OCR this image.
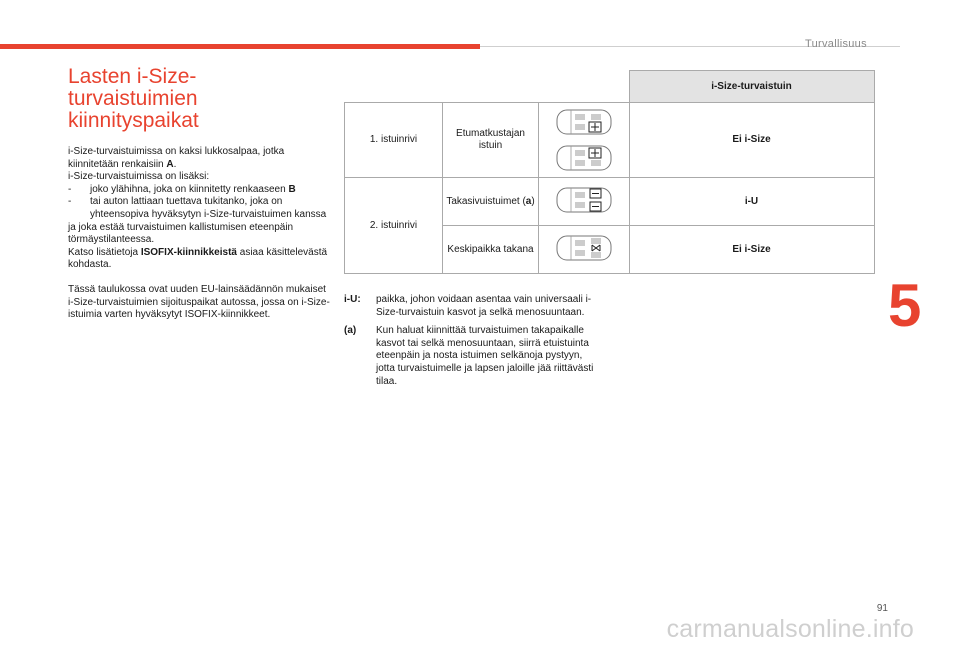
Turvallisuus
5
91
carmanualsonline.info
Lasten i-Size-
turvaistuimien
kiinnityspaikat

i-Size-turvaistuimissa on kaksi lukkosalpaa, jotka kiinnitetään renkaisiin A.

i-Size-turvaistuimissa on lisäksi:

-	joko ylähihna, joka on kiinnitetty renkaaseen B
-	tai auton lattiaan tuettava tukitanko, joka on yhteensopiva hyväksytyn i-Size-turvaistuimen kanssa

ja joka estää turvaistuimen kallistumisen eteenpäin törmäystilanteessa.

Katso lisätietoja ISOFIX-kiinnikkeistä asiaa käsittelevästä kohdasta.

Tässä taulukossa ovat uuden EU-lainsäädännön mukaiset i-Size-turvaistuimien sijoituspaikat autossa, jossa on i-Size-istuimia varten hyväksytyt ISOFIX-kiinnikkeet.

			i-Size-turvaistuin
1. istuinrivi	Etumatkustajan istuin		Ei i-Size
2. istuinrivi	Takasivuistuimet (a)		i-U
	Keskipaikka takana		Ei i-Size
i-U:	paikka, johon voidaan asentaa vain universaali i-Size-turvaistuin kasvot ja selkä menosuuntaan.
(a)	Kun haluat kiinnittää turvaistuimen takapaikalle kasvot tai selkä menosuuntaan, siirrä etuistuinta eteenpäin ja nosta istuimen selkänoja pystyyn, jotta turvaistuimelle ja lapsen jaloille jää riittävästi tilaa.
